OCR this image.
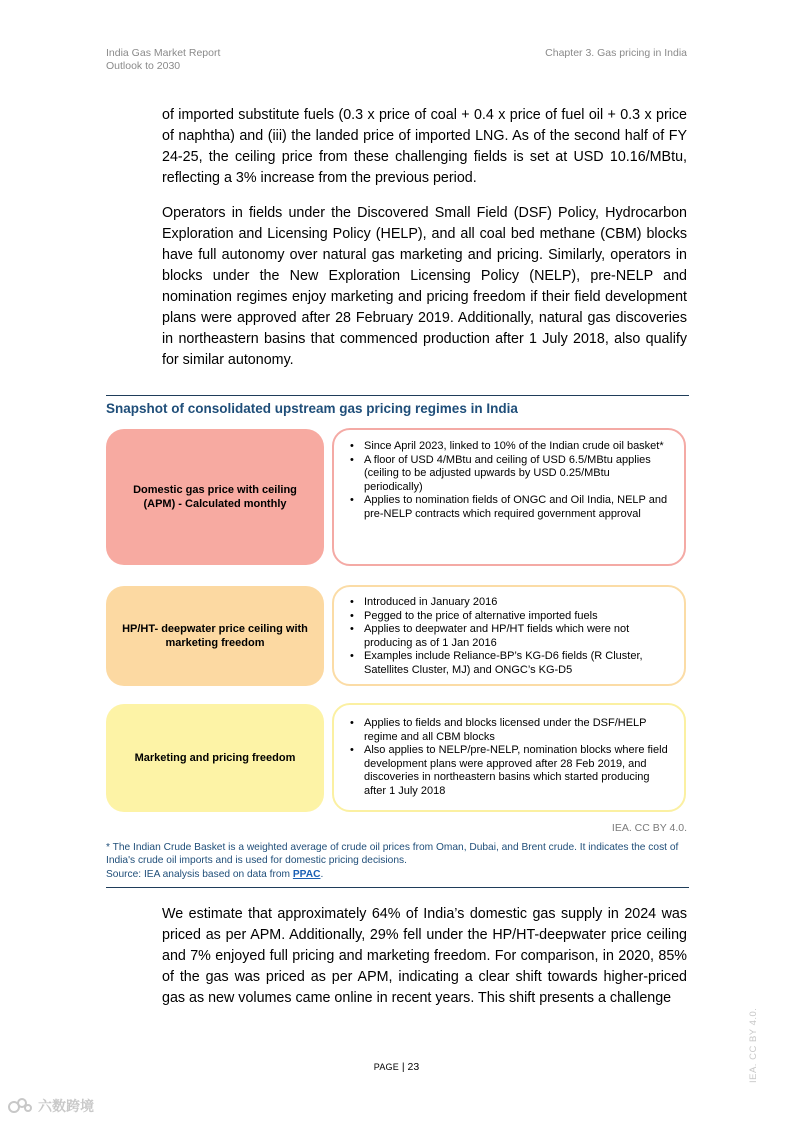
India Gas Market Report
Outlook to 2030
Chapter 3. Gas pricing in India

of imported substitute fuels (0.3 x price of coal + 0.4 x price of fuel oil + 0.3 x price of naphtha) and (iii) the landed price of imported LNG. As of the second half of FY 24-25, the ceiling price from these challenging fields is set at USD 10.16/MBtu, reflecting a 3% increase from the previous period.

Operators in fields under the Discovered Small Field (DSF) Policy, Hydrocarbon Exploration and Licensing Policy (HELP), and all coal bed methane (CBM) blocks have full autonomy over natural gas marketing and pricing. Similarly, operators in blocks under the New Exploration Licensing Policy (NELP), pre-NELP and nomination regimes enjoy marketing and pricing freedom if their field development plans were approved after 28 February 2019. Additionally, natural gas discoveries in northeastern basins that commenced production after 1 July 2018, also qualify for similar autonomy.

Snapshot of consolidated upstream gas pricing regimes in India
Domestic gas price with ceiling (APM) - Calculated monthly
• Since April 2023, linked to 10% of the Indian crude oil basket*
• A floor of USD 4/MBtu and ceiling of USD 6.5/MBtu applies (ceiling to be adjusted upwards by USD 0.25/MBtu periodically)
• Applies to nomination fields of ONGC and Oil India, NELP and pre-NELP contracts which required government approval
HP/HT- deepwater price ceiling with marketing freedom
• Introduced in January 2016
• Pegged to the price of alternative imported fuels
• Applies to deepwater and HP/HT fields which were not producing as of 1 Jan 2016
• Examples include Reliance-BP’s KG-D6 fields (R Cluster, Satellites Cluster, MJ) and ONGC’s KG-D5
Marketing and pricing freedom
• Applies to fields and blocks licensed under the DSF/HELP regime and all CBM blocks
• Also applies to NELP/pre-NELP, nomination blocks where field development plans were approved after 28 Feb 2019, and discoveries in northeastern basins which started producing after 1 July 2018
IEA. CC BY 4.0.
* The Indian Crude Basket is a weighted average of crude oil prices from Oman, Dubai, and Brent crude. It indicates the cost of India's crude oil imports and is used for domestic pricing decisions.
Source: IEA analysis based on data from PPAC.

We estimate that approximately 64% of India’s domestic gas supply in 2024 was priced as per APM. Additionally, 29% fell under the HP/HT-deepwater price ceiling and 7% enjoyed full pricing and marketing freedom. For comparison, in 2020, 85% of the gas was priced as per APM, indicating a clear shift towards higher-priced gas as new volumes came online in recent years. This shift presents a challenge

PAGE | 23	IEA. CC BY 4.0.
六数跨境
